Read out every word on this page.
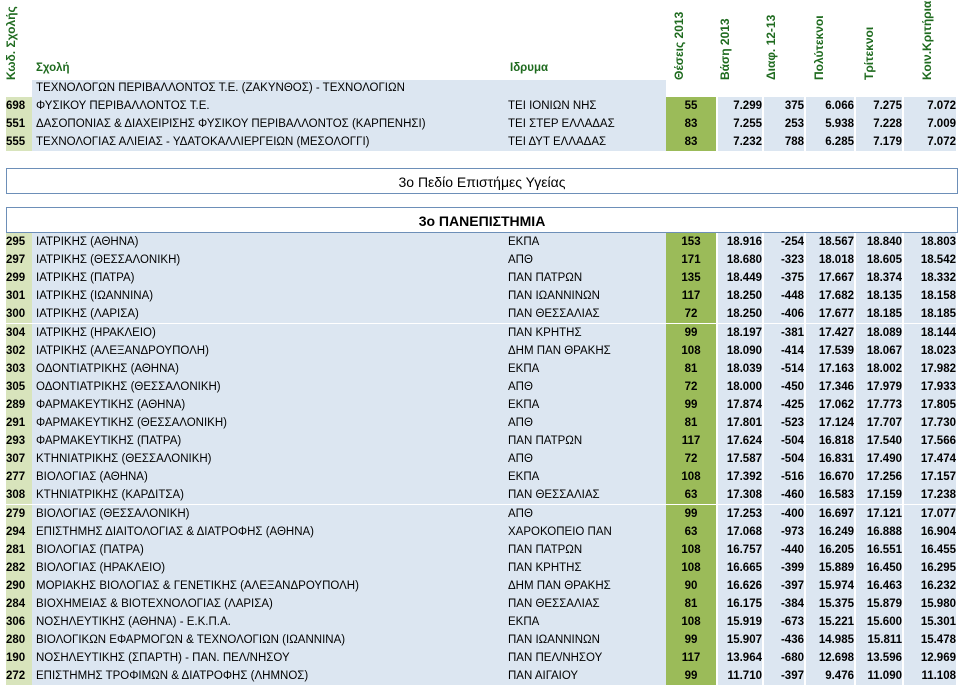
Κωδ. Σχολής Σχολή	Ιδρυμα	Θέσεις 2013	Βάση 2013	Διαφ. 12-13	Πολύτεκνοι	Τρίτεκνοι	Κοιν.Κριτήρια
ΤΕΧΝΟΛΟΓΩΝ ΠΕΡΙΒΑΛΛΟΝΤΟΣ Τ.Ε. (ΖΑΚΥΝΘΟΣ) - ΤΕΧΝΟΛΟΓΙΩΝ
698 ΦΥΣΙΚΟΥ ΠΕΡΙΒΑΛΛΟΝΤΟΣ Τ.Ε.	ΤΕΙ ΙΟΝΙΩΝ ΝΗΣ	55	7.299	375	6.066	7.275	7.072
551 ΔΑΣΟΠΟΝΙΑΣ & ΔΙΑΧΕΙΡΙΣΗΣ ΦΥΣΙΚΟΥ ΠΕΡΙΒΑΛΛΟΝΤΟΣ (ΚΑΡΠΕΝΗΣΙ)	ΤΕΙ ΣΤΕΡ ΕΛΛΑΔΑΣ	83	7.255	253	5.938	7.228	7.009
555 ΤΕΧΝΟΛΟΓΙΑΣ ΑΛΙΕΙΑΣ - ΥΔΑΤΟΚΑΛΛΙΕΡΓΕΙΩΝ (ΜΕΣΟΛΟΓΓΙ)	ΤΕΙ ΔΥΤ ΕΛΛΑΔΑΣ	83	7.232	788	6.285	7.179	7.072
3ο Πεδίο Επιστήμες Υγείας
3ο ΠΑΝΕΠΙΣΤΗΜΙΑ
295 ΙΑΤΡΙΚΗΣ (ΑΘΗΝΑ)	ΕΚΠΑ	153	18.916	-254	18.567	18.840	18.803
297 ΙΑΤΡΙΚΗΣ (ΘΕΣΣΑΛΟΝΙΚΗ)	ΑΠΘ	171	18.680	-323	18.018	18.605	18.542
299 ΙΑΤΡΙΚΗΣ (ΠΑΤΡΑ)	ΠΑΝ ΠΑΤΡΩΝ	135	18.449	-375	17.667	18.374	18.332
301 ΙΑΤΡΙΚΗΣ (ΙΩΑΝΝΙΝΑ)	ΠΑΝ ΙΩΑΝΝΙΝΩΝ	117	18.250	-448	17.682	18.135	18.158
300 ΙΑΤΡΙΚΗΣ (ΛΑΡΙΣΑ)	ΠΑΝ ΘΕΣΣΑΛΙΑΣ	72	18.250	-406	17.677	18.185	18.185
304 ΙΑΤΡΙΚΗΣ (ΗΡΑΚΛΕΙΟ)	ΠΑΝ ΚΡΗΤΗΣ	99	18.197	-381	17.427	18.089	18.144
302 ΙΑΤΡΙΚΗΣ (ΑΛΕΞΑΝΔΡΟΥΠΟΛΗ)	ΔΗΜ ΠΑΝ ΘΡΑΚΗΣ	108	18.090	-414	17.539	18.067	18.023
303 ΟΔΟΝΤΙΑΤΡΙΚΗΣ (ΑΘΗΝΑ)	ΕΚΠΑ	81	18.039	-514	17.163	18.002	17.982
305 ΟΔΟΝΤΙΑΤΡΙΚΗΣ (ΘΕΣΣΑΛΟΝΙΚΗ)	ΑΠΘ	72	18.000	-450	17.346	17.979	17.933
289 ΦΑΡΜΑΚΕΥΤΙΚΗΣ (ΑΘΗΝΑ)	ΕΚΠΑ	99	17.874	-425	17.062	17.773	17.805
291 ΦΑΡΜΑΚΕΥΤΙΚΗΣ (ΘΕΣΣΑΛΟΝΙΚΗ)	ΑΠΘ	81	17.801	-523	17.124	17.707	17.730
293 ΦΑΡΜΑΚΕΥΤΙΚΗΣ (ΠΑΤΡΑ)	ΠΑΝ ΠΑΤΡΩΝ	117	17.624	-504	16.818	17.540	17.566
307 ΚΤΗΝΙΑΤΡΙΚΗΣ (ΘΕΣΣΑΛΟΝΙΚΗ)	ΑΠΘ	72	17.587	-504	16.831	17.490	17.474
277 ΒΙΟΛΟΓΙΑΣ (ΑΘΗΝΑ)	ΕΚΠΑ	108	17.392	-516	16.670	17.256	17.157
308 ΚΤΗΝΙΑΤΡΙΚΗΣ (ΚΑΡΔΙΤΣΑ)	ΠΑΝ ΘΕΣΣΑΛΙΑΣ	63	17.308	-460	16.583	17.159	17.238
279 ΒΙΟΛΟΓΙΑΣ (ΘΕΣΣΑΛΟΝΙΚΗ)	ΑΠΘ	99	17.253	-400	16.697	17.121	17.077
294 ΕΠΙΣΤΗΜΗΣ ΔΙΑΙΤΟΛΟΓΙΑΣ & ΔΙΑΤΡΟΦΗΣ (ΑΘΗΝΑ)	ΧΑΡΟΚΟΠΕΙΟ ΠΑΝ	63	17.068	-973	16.249	16.888	16.904
281 ΒΙΟΛΟΓΙΑΣ (ΠΑΤΡΑ)	ΠΑΝ ΠΑΤΡΩΝ	108	16.757	-440	16.205	16.551	16.455
282 ΒΙΟΛΟΓΙΑΣ (ΗΡΑΚΛΕΙΟ)	ΠΑΝ ΚΡΗΤΗΣ	108	16.665	-399	15.889	16.450	16.295
290 ΜΟΡΙΑΚΗΣ ΒΙΟΛΟΓΙΑΣ & ΓΕΝΕΤΙΚΗΣ (ΑΛΕΞΑΝΔΡΟΥΠΟΛΗ)	ΔΗΜ ΠΑΝ ΘΡΑΚΗΣ	90	16.626	-397	15.974	16.463	16.232
284 ΒΙΟΧΗΜΕΙΑΣ & ΒΙΟΤΕΧΝΟΛΟΓΙΑΣ (ΛΑΡΙΣΑ)	ΠΑΝ ΘΕΣΣΑΛΙΑΣ	81	16.175	-384	15.375	15.879	15.980
306 ΝΟΣΗΛΕΥΤΙΚΗΣ (ΑΘΗΝΑ) - Ε.Κ.Π.Α.	ΕΚΠΑ	108	15.919	-673	15.221	15.600	15.301
280 ΒΙΟΛΟΓΙΚΩΝ ΕΦΑΡΜΟΓΩΝ & ΤΕΧΝΟΛΟΓΙΩΝ (ΙΩΑΝΝΙΝΑ)	ΠΑΝ ΙΩΑΝΝΙΝΩΝ	99	15.907	-436	14.985	15.811	15.478
190 ΝΟΣΗΛΕΥΤΙΚΗΣ (ΣΠΑΡΤΗ) - ΠΑΝ. ΠΕΛ/ΝΗΣΟΥ	ΠΑΝ ΠΕΛ/ΝΗΣΟΥ	117	13.964	-680	12.698	13.596	12.969
272 ΕΠΙΣΤΗΜΗΣ ΤΡΟΦΙΜΩΝ & ΔΙΑΤΡΟΦΗΣ (ΛΗΜΝΟΣ)	ΠΑΝ ΑΙΓΑΙΟΥ	99	11.710	-397	9.476	11.090	11.108
